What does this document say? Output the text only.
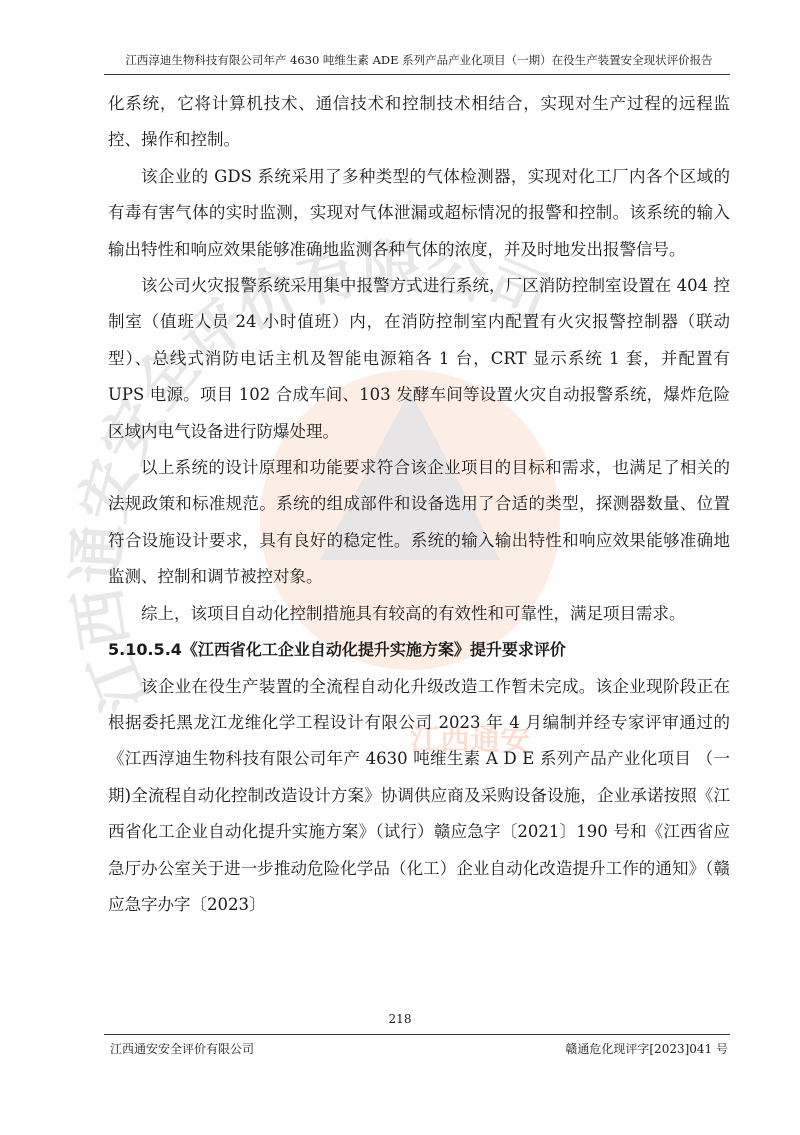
江西通安安全评价有限公司
江西通安
江西淳迪生物科技有限公司年产 4630 吨维生素 ADE 系列产品产业化项目（一期）在役生产装置安全现状评价报告

化系统，它将计算机技术、通信技术和控制技术相结合，实现对生产过程的远程监控、操作和控制。

该企业的 GDS 系统采用了多种类型的气体检测器，实现对化工厂内各个区域的有毒有害气体的实时监测，实现对气体泄漏或超标情况的报警和控制。该系统的输入输出特性和响应效果能够准确地监测各种气体的浓度，并及时地发出报警信号。

该公司火灾报警系统采用集中报警方式进行系统，厂区消防控制室设置在 404 控制室（值班人员 24 小时值班）内，在消防控制室内配置有火灾报警控制器（联动型）、总线式消防电话主机及智能电源箱各 1 台，CRT 显示系统 1 套，并配置有 UPS 电源。项目 102 合成车间、103 发酵车间等设置火灾自动报警系统，爆炸危险区域内电气设备进行防爆处理。

以上系统的设计原理和功能要求符合该企业项目的目标和需求，也满足了相关的法规政策和标准规范。系统的组成部件和设备选用了合适的类型，探测器数量、位置符合设施设计要求，具有良好的稳定性。系统的输入输出特性和响应效果能够准确地监测、控制和调节被控对象。

综上，该项目自动化控制措施具有较高的有效性和可靠性，满足项目需求。

5.10.5.4《江西省化工企业自动化提升实施方案》提升要求评价

该企业在役生产装置的全流程自动化升级改造工作暂未完成。该企业现阶段正在根据委托黑龙江龙维化学工程设计有限公司 2023 年 4 月编制并经专家评审通过的《江西淳迪生物科技有限公司年产 4630 吨维生素 A D E 系列产品产业化项目 （一期)全流程自动化控制改造设计方案》协调供应商及采购设备设施，企业承诺按照《江西省化工企业自动化提升实施方案》（试行）赣应急字〔2021〕190 号和《江西省应急厅办公室关于进一步推动危险化学品（化工）企业自动化改造提升工作的通知》（赣应急字办字〔2023〕

218
江西通安安全评价有限公司	赣通危化现评字[2023]041 号
